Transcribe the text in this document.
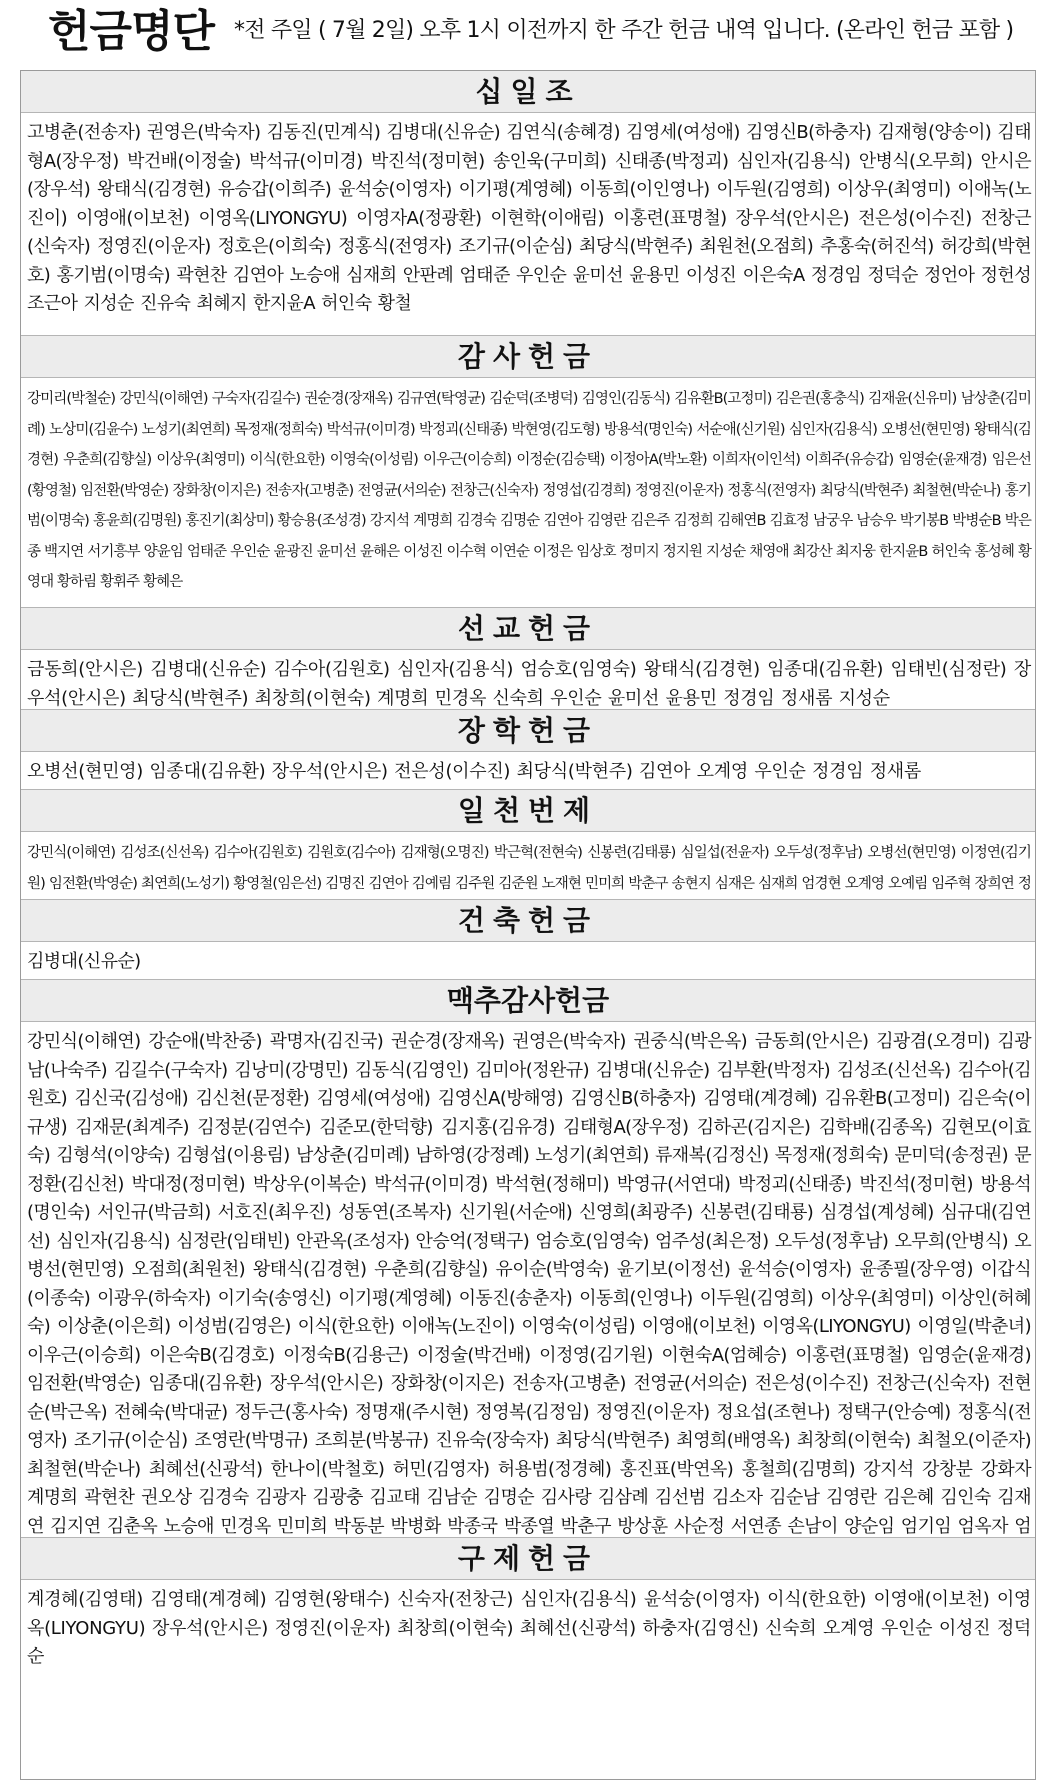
헌금명단 *전 주일 ( 7월 2일) 오후 1시 이전까지 한 주간 헌금 내역 입니다. (온라인 헌금 포함 )
십일조
고병춘(전송자) 권영은(박숙자) 김동진(민계식) 김병대(신유순) 김연식(송혜경) 김영세(여성애) 김영신B(하충자) 김재형(양송이) 김태형A(장우정) 박건배(이정술) 박석규(이미경) 박진석(정미현) 송인욱(구미희) 신태종(박정괴) 심인자(김용식) 안병식(오무희) 안시은(장우석) 왕태식(김경현) 유승갑(이희주) 윤석숭(이영자) 이기평(계영혜) 이동희(이인영나) 이두원(김영희) 이상우(최영미) 이애녹(노진이) 이영애(이보천) 이영옥(LIYONGYU) 이영자A(정광환) 이현학(이애림) 이홍련(표명철) 장우석(안시은) 전은성(이수진) 전창근(신숙자) 정영진(이운자) 정호은(이희숙) 정홍식(전영자) 조기규(이순심) 최당식(박현주) 최원천(오점희) 추홍숙(허진석) 허강희(박현호) 홍기범(이명숙) 곽현찬 김연아 노승애 심재희 안판례 엄태준 우인순 윤미선 윤용민 이성진 이은숙A 정경임 정덕순 정언아 정헌성 조근아 지성순 진유숙 최혜지 한지윤A 허인숙 황철
감사헌금
강미리(박철순) 강민식(이해연) 구숙자(김길수) 권순경(장재옥) 김규연(탁영균) 김순덕(조병덕) 김영인(김동식) 김유환B(고정미) 김은권(홍충식) 김재윤(신유미) 남상춘(김미례) 노상미(김윤수) 노성기(최연희) 목정재(정희숙) 박석규(이미경) 박정괴(신태종) 박현영(김도형) 방용석(명인숙) 서순애(신기원) 심인자(김용식) 오병선(현민영) 왕태식(김경현) 우춘희(김향실) 이상우(최영미) 이식(한요한) 이영숙(이성림) 이우근(이승희) 이정순(김승택) 이정아A(박노환) 이희자(이인석) 이희주(유승갑) 임영순(윤재경) 임은선(황영철) 임전환(박영순) 장화창(이지은) 전송자(고병춘) 전영균(서의순) 전창근(신숙자) 정영섭(김경희) 정영진(이운자) 정홍식(전영자) 최당식(박현주) 최철현(박순나) 홍기범(이명숙) 홍윤희(김명원) 홍진기(최상미) 황승용(조성경) 강지석 계명희 김경숙 김명순 김연아 김영란 김은주 김정희 김해연B 김효정 남궁우 남승우 박기봉B 박병순B 박은종 백지연 서기흥부 양윤임 엄태준 우인순 윤광진 윤미선 윤해은 이성진 이수혁 이연순 이정은 임상호 정미지 정지원 지성순 채영애 최강산 최지웅 한지윤B 허인숙 홍성혜 황영대 황하림 황휘주 황혜은
선교헌금
금동희(안시은) 김병대(신유순) 김수아(김원호) 심인자(김용식) 엄승호(임영숙) 왕태식(김경현) 임종대(김유환) 임태빈(심정란) 장우석(안시은) 최당식(박현주) 최창희(이현숙) 계명희 민경옥 신숙희 우인순 윤미선 윤용민 정경임 정새롬 지성순
장학헌금
오병선(현민영) 임종대(김유환) 장우석(안시은) 전은성(이수진) 최당식(박현주) 김연아 오계영 우인순 정경임 정새롬
일천번제
강민식(이해연) 김성조(신선옥) 김수아(김원호) 김원호(김수아) 김재형(오명진) 박근혁(전현숙) 신봉련(김태룡) 심일섭(전윤자) 오두성(정후남) 오병선(현민영) 이정연(김기원) 임전환(박영순) 최연희(노성기) 황영철(임은선) 김명진 김연아 김예림 김주원 김준원 노재현 민미희 박춘구 송현지 심재은 심재희 엄경현 오계영 오예림 임주혁 장희연 정
건축헌금
김병대(신유순)
맥추감사헌금
강민식(이해연) 강순애(박찬중) 곽명자(김진국) 권순경(장재옥) 권영은(박숙자) 권중식(박은옥) 금동희(안시은) 김광겸(오경미) 김광남(나숙주) 김길수(구숙자) 김낭미(강명민) 김동식(김영인) 김미아(정완규) 김병대(신유순) 김부환(박정자) 김성조(신선옥) 김수아(김원호) 김신국(김성애) 김신천(문정환) 김영세(여성애) 김영신A(방해영) 김영신B(하충자) 김영태(계경혜) 김유환B(고정미) 김은숙(이규생) 김재문(최계주) 김정분(김연수) 김준모(한덕향) 김지홍(김유경) 김태형A(장우정) 김하곤(김지은) 김학배(김종옥) 김현모(이효숙) 김형석(이양숙) 김형섭(이용림) 남상춘(김미례) 남하영(강정례) 노성기(최연희) 류재복(김정신) 목정재(정희숙) 문미덕(송정권) 문정환(김신천) 박대정(정미현) 박상우(이복순) 박석규(이미경) 박석현(정해미) 박영규(서연대) 박정괴(신태종) 박진석(정미현) 방용석(명인숙) 서인규(박금희) 서호진(최우진) 성동연(조복자) 신기원(서순애) 신영희(최광주) 신봉련(김태룡) 심경섭(계성혜) 심규대(김연선) 심인자(김용식) 심정란(임태빈) 안관옥(조성자) 안승억(정택구) 엄승호(임영숙) 엄주성(최은정) 오두성(정후남) 오무희(안병식) 오병선(현민영) 오점희(최원천) 왕태식(김경현) 우춘희(김향실) 유이순(박영숙) 윤기보(이정선) 윤석승(이영자) 윤종필(장우영) 이갑식(이종숙) 이광우(하숙자) 이기숙(송영신) 이기평(계영혜) 이동진(송춘자) 이동희(인영나) 이두원(김영희) 이상우(최영미) 이상인(허혜숙) 이상춘(이은희) 이성범(김영은) 이식(한요한) 이애녹(노진이) 이영숙(이성림) 이영애(이보천) 이영옥(LIYONGYU) 이영일(박춘녀) 이우근(이승희) 이은숙B(김경호) 이정숙B(김용근) 이정술(박건배) 이정영(김기원) 이현숙A(엄혜승) 이홍련(표명철) 임영순(윤재경) 임전환(박영순) 임종대(김유환) 장우석(안시은) 장화창(이지은) 전송자(고병춘) 전영균(서의순) 전은성(이수진) 전창근(신숙자) 전현순(박근옥) 전혜숙(박대균) 정두근(홍사숙) 정명재(주시현) 정영복(김정임) 정영진(이운자) 정요섭(조현나) 정택구(안승예) 정홍식(전영자) 조기규(이순심) 조영란(박명규) 조희분(박봉규) 진유숙(장숙자) 최당식(박현주) 최영희(배영옥) 최창희(이현숙) 최철오(이준자) 최철현(박순나) 최혜선(신광석) 한나이(박철호) 허민(김영자) 허용범(정경혜) 홍진표(박연옥) 홍철희(김명희) 강지석 강창분 강화자 계명희 곽현찬 권오상 김경숙 김광자 김광충 김교태 김남순 김명순 김사랑 김삼례 김선범 김소자 김순남 김영란 김은혜 김인숙 김재연 김지연 김춘옥 노승애 민경옥 민미희 박동분 박병화 박종국 박종열 박춘구 방상훈 사순정 서연종 손남이 양순임 엄기임 엄옥자 엄
구제헌금
계경혜(김영태) 김영태(계경혜) 김영현(왕태수) 신숙자(전창근) 심인자(김용식) 윤석숭(이영자) 이식(한요한) 이영애(이보천) 이영옥(LIYONGYU) 장우석(안시은) 정영진(이운자) 최창희(이현숙) 최혜선(신광석) 하충자(김영신) 신숙희 오계영 우인순 이성진 정덕순
